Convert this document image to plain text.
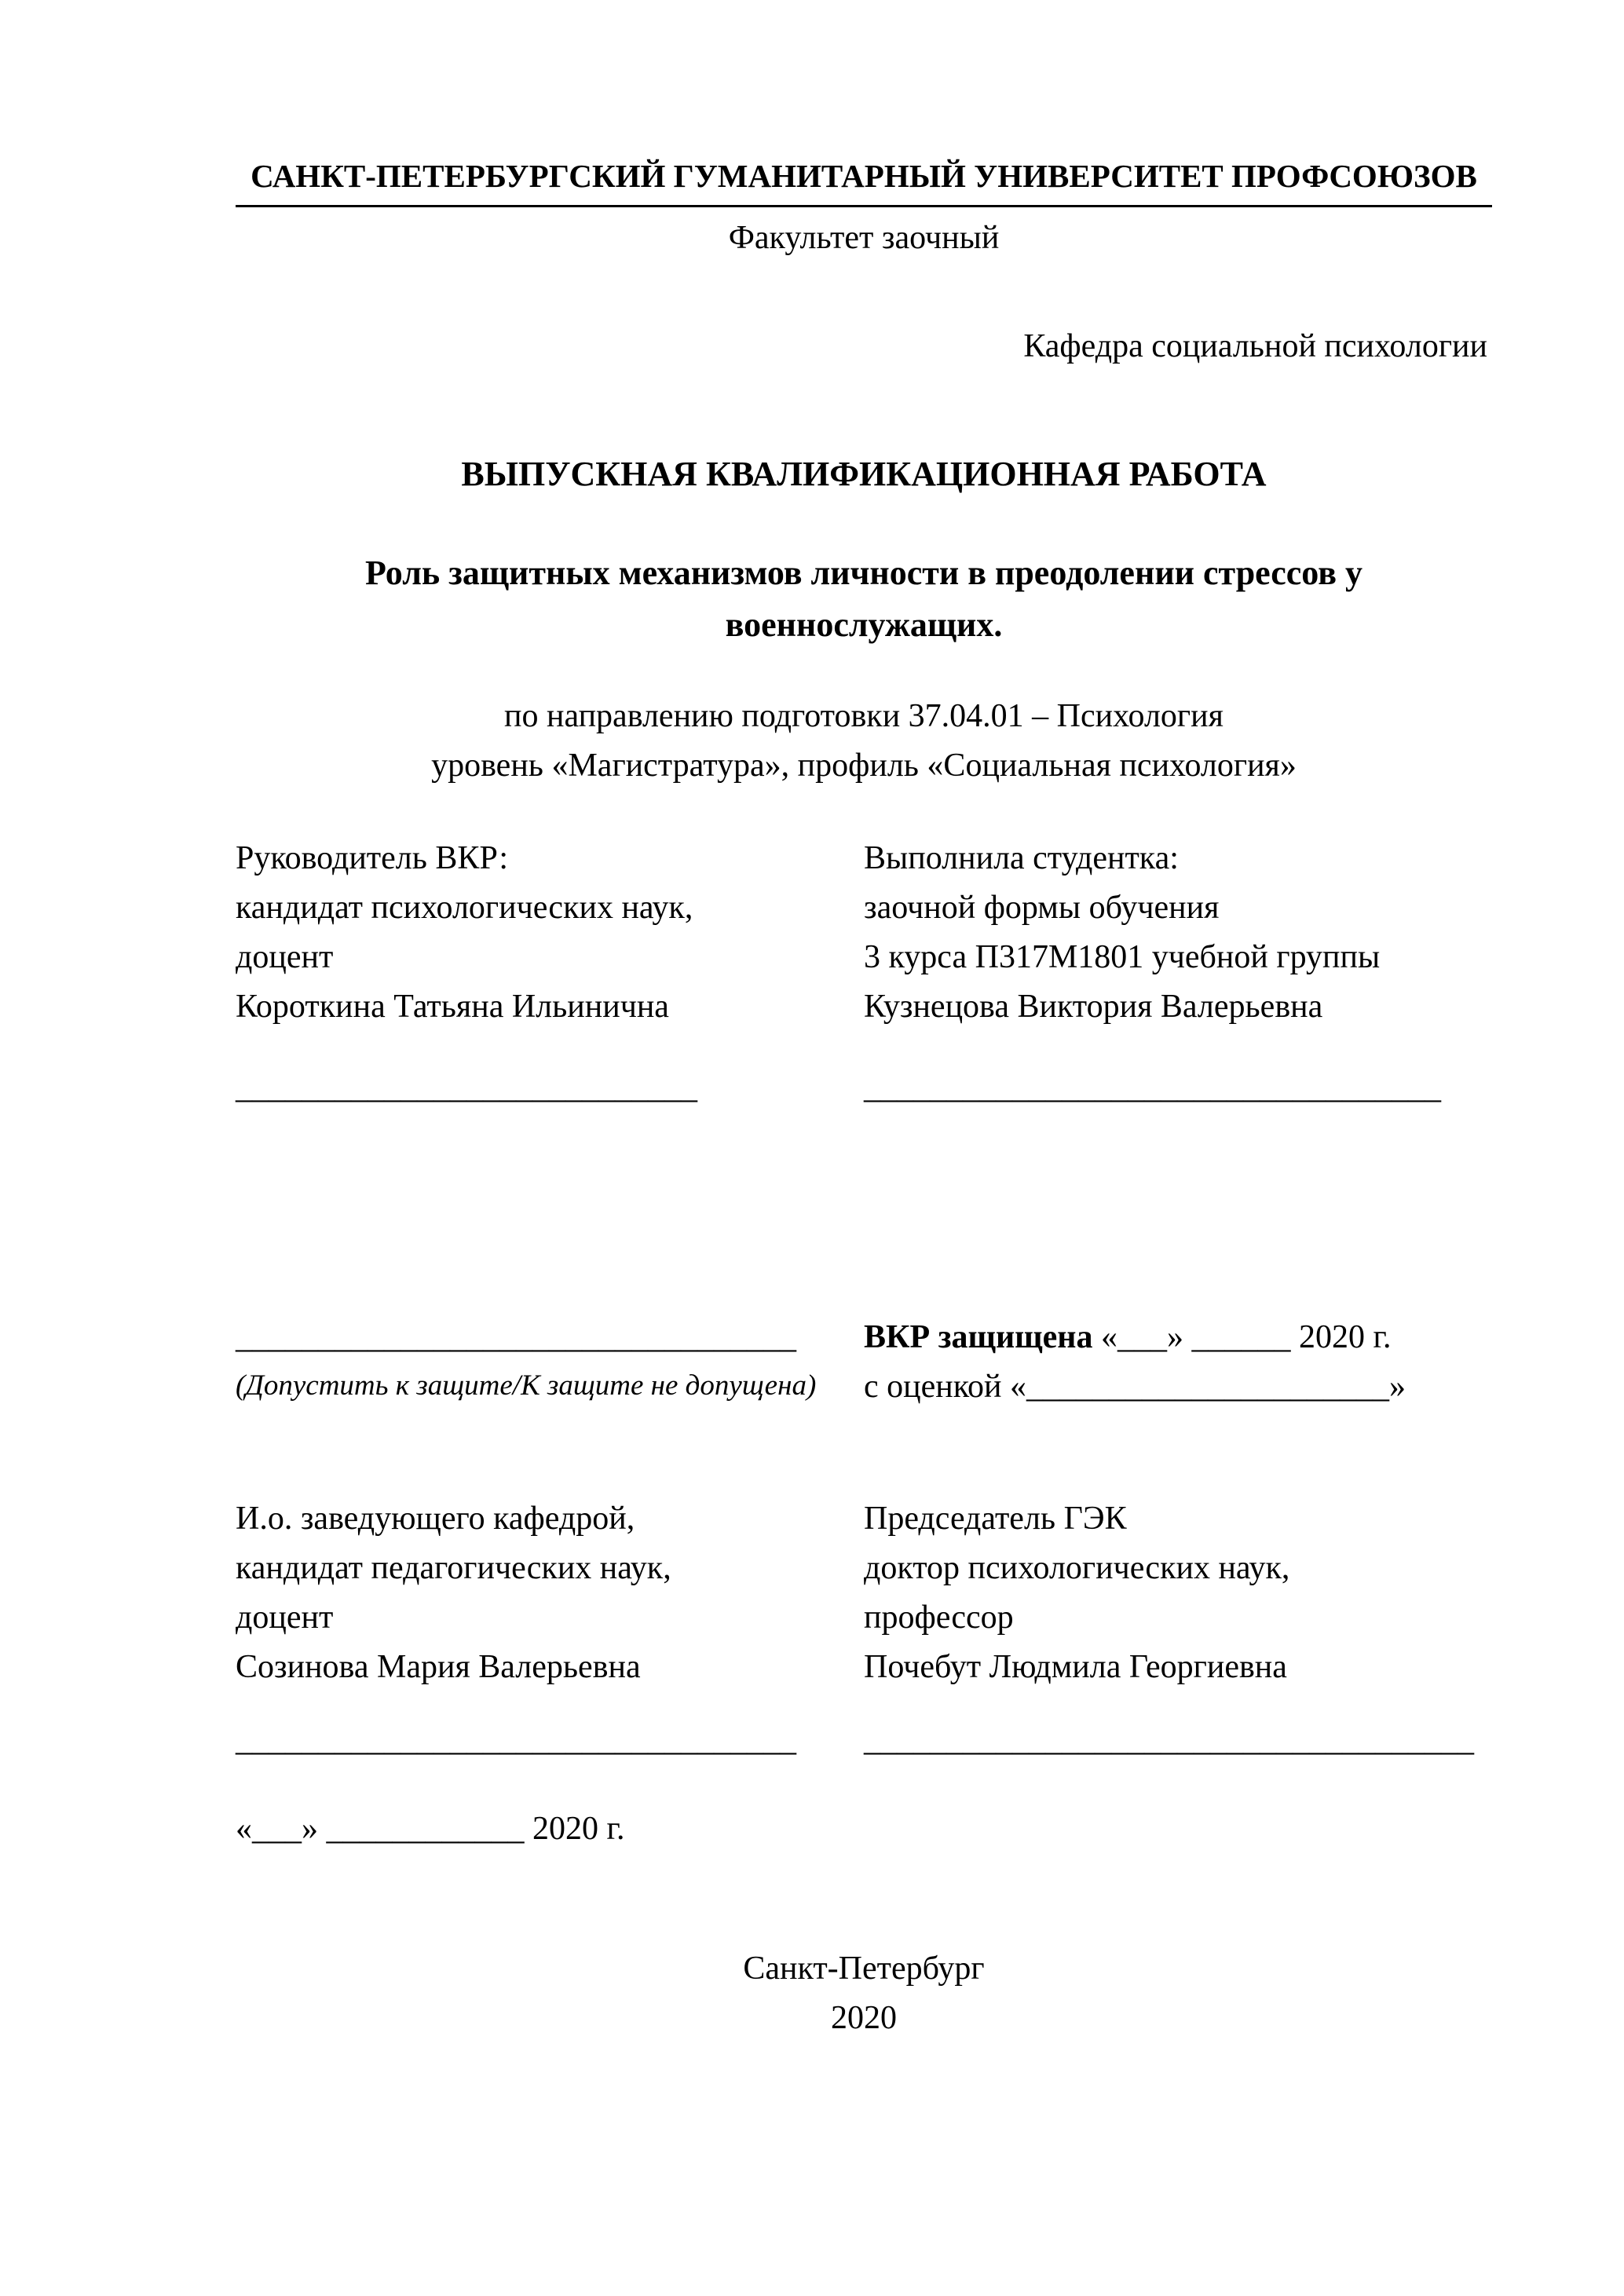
САНКТ-ПЕТЕРБУРГСКИЙ ГУМАНИТАРНЫЙ УНИВЕРСИТЕТ ПРОФСОЮЗОВ
Факультет заочный
Кафедра социальной психологии
ВЫПУСКНАЯ КВАЛИФИКАЦИОННАЯ РАБОТА
Роль защитных механизмов личности в преодолении стрессов у военнослужащих.
по направлению подготовки 37.04.01 – Психология
уровень «Магистратура», профиль «Социальная психология»
Руководитель ВКР:
кандидат психологических наук,
доцент
Короткина Татьяна Ильинична
____________________________
Выполнила студентка:
заочной формы обучения
3 курса П317М1801 учебной группы
Кузнецова Виктория Валерьевна
___________________________________
__________________________________
(Допустить к защите/К защите не допущена)
ВКР защищена «___» ______ 2020 г.
с оценкой «______________________»
И.о. заведующего кафедрой,
кандидат педагогических наук,
доцент
Созинова Мария Валерьевна
Председатель ГЭК
доктор психологических наук,
профессор
Почебут Людмила Георгиевна
__________________________________	_____________________________________
«___» ____________ 2020 г.
Санкт-Петербург
2020
